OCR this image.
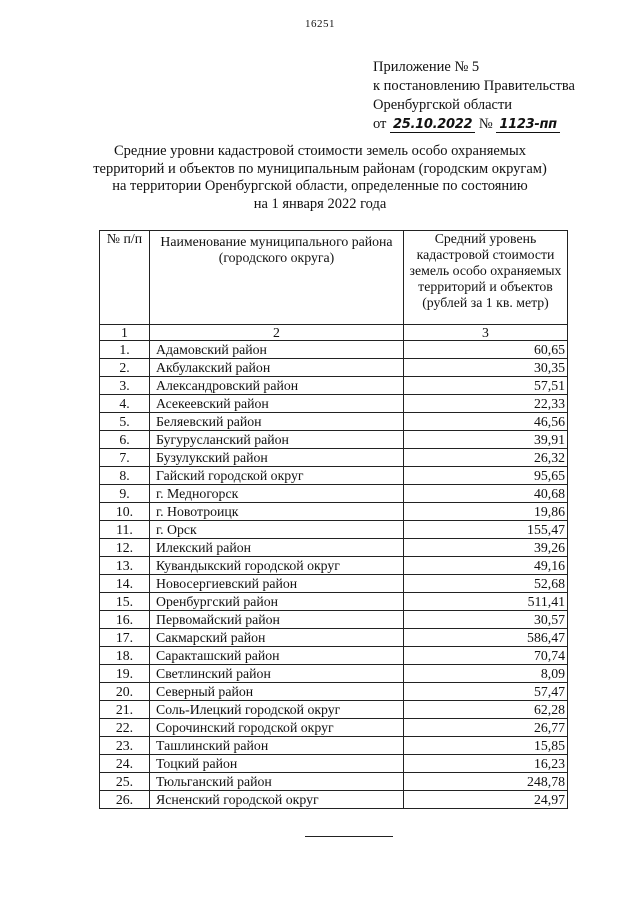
16251
Приложение № 5
к постановлению Правительства
Оренбургской области
от 25.10.2022 № 1123-пп
Средние уровни кадастровой стоимости земель особо охраняемых
территорий и объектов по муниципальным районам (городским округам)
на территории Оренбургской области, определенные по состоянию
на 1 января 2022 года
№ п/п	Наименование муниципального района (городского округа)	Средний уровень кадастровой стоимости земель особо охраняемых территорий и объектов (рублей за 1 кв. метр)
1	2	3
1.	Адамовский район	60,65
2.	Акбулакский район	30,35
3.	Александровский район	57,51
4.	Асекеевский район	22,33
5.	Беляевский район	46,56
6.	Бугурусланский район	39,91
7.	Бузулукский район	26,32
8.	Гайский городской округ	95,65
9.	г. Медногорск	40,68
10.	г. Новотроицк	19,86
11.	г. Орск	155,47
12.	Илекский район	39,26
13.	Кувандыкский городской округ	49,16
14.	Новосергиевский район	52,68
15.	Оренбургский район	511,41
16.	Первомайский район	30,57
17.	Сакмарский район	586,47
18.	Саракташский район	70,74
19.	Светлинский район	8,09
20.	Северный район	57,47
21.	Соль-Илецкий городской округ	62,28
22.	Сорочинский городской округ	26,77
23.	Ташлинский район	15,85
24.	Тоцкий район	16,23
25.	Тюльганский район	248,78
26.	Ясненский городской округ	24,97
